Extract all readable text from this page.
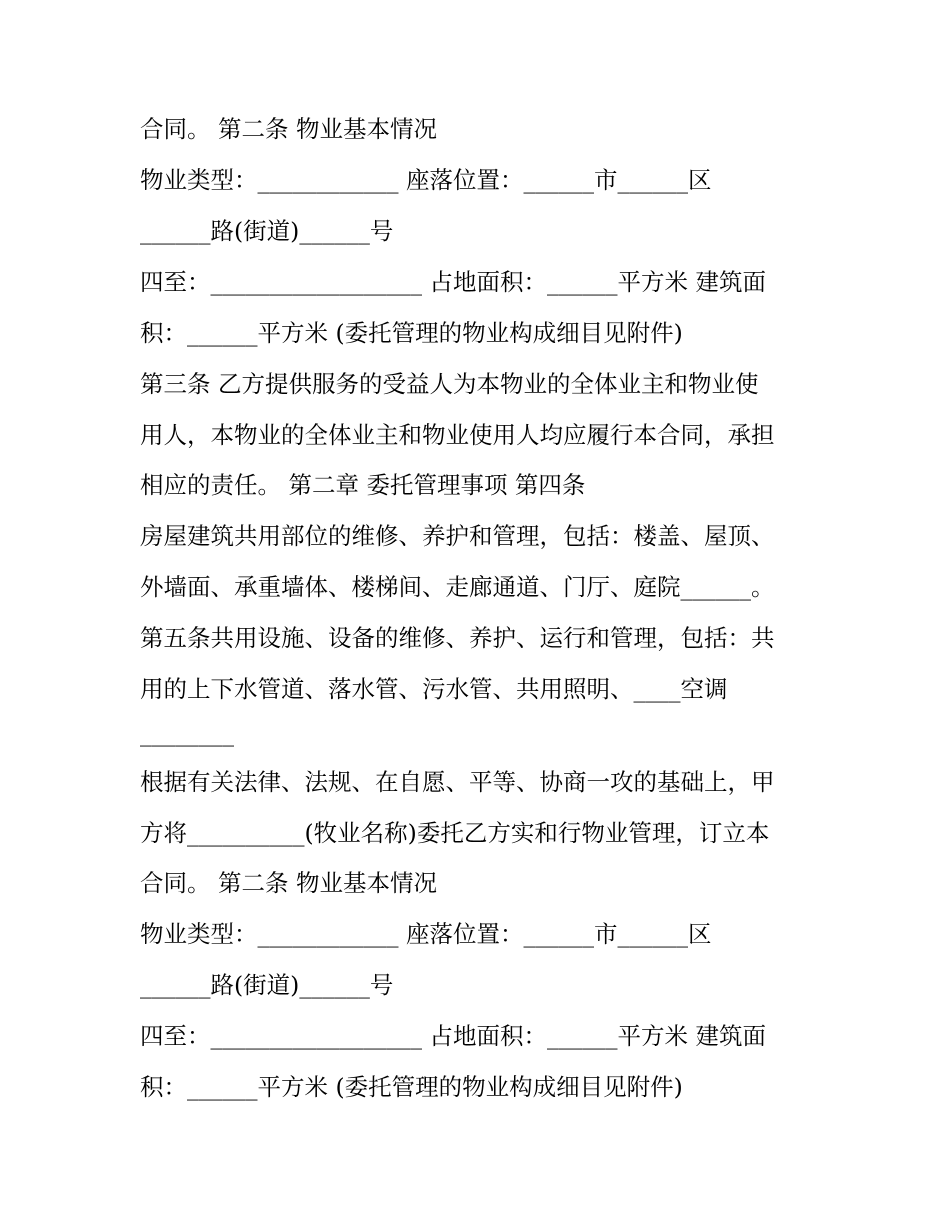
合同。 第二条 物业基本情况
物业类型：____________ 座落位置：______市______区
______路(街道)______号
四至：__________________ 占地面积：______平方米 建筑面
积：______平方米 (委托管理的物业构成细目见附件)
第三条 乙方提供服务的受益人为本物业的全体业主和物业使
用人，本物业的全体业主和物业使用人均应履行本合同，承担
相应的责任。 第二章 委托管理事项 第四条
房屋建筑共用部位的维修、养护和管理，包括：楼盖、屋顶、
外墙面、承重墙体、楼梯间、走廊通道、门厅、庭院______。
第五条共用设施、设备的维修、养护、运行和管理，包括：共
用的上下水管道、落水管、污水管、共用照明、____空调
________
根据有关法律、法规、在自愿、平等、协商一攻的基础上，甲
方将__________(牧业名称)委托乙方实和行物业管理，订立本
合同。 第二条 物业基本情况
物业类型：____________ 座落位置：______市______区
______路(街道)______号
四至：__________________ 占地面积：______平方米 建筑面
积：______平方米 (委托管理的物业构成细目见附件)
